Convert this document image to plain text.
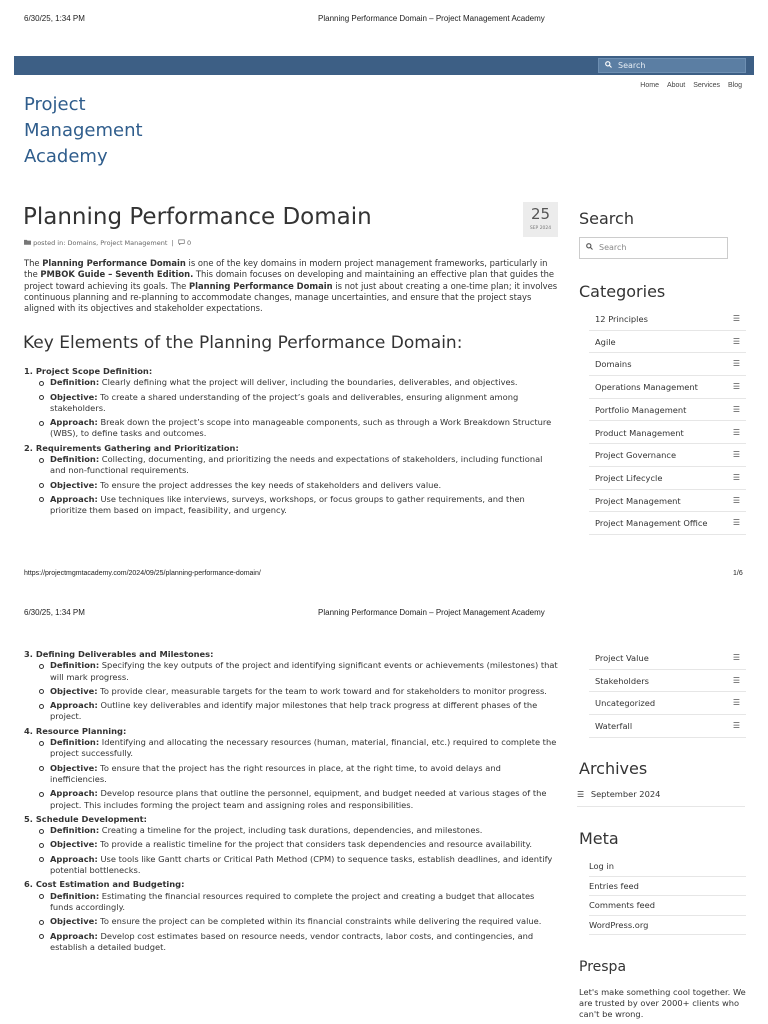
6/30/25, 1:34 PM	Planning Performance Domain – Project Management Academy
Search
Home About Services Blog
Project
Management
Academy
Planning Performance Domain	25
SEP 2024
posted in: Domains, Project Management | 0
The Planning Performance Domain is one of the key domains in modern project management frameworks, particularly in the PMBOK Guide – Seventh Edition. This domain focuses on developing and maintaining an effective plan that guides the project toward achieving its goals. The Planning Performance Domain is not just about creating a one-time plan; it involves continuous planning and re-planning to accommodate changes, manage uncertainties, and ensure that the project stays aligned with its objectives and stakeholder expectations.
Key Elements of the Planning Performance Domain:
1. Project Scope Definition:
Definition: Clearly defining what the project will deliver, including the boundaries, deliverables, and objectives.
Objective: To create a shared understanding of the project’s goals and deliverables, ensuring alignment among stakeholders.
Approach: Break down the project’s scope into manageable components, such as through a Work Breakdown Structure (WBS), to define tasks and outcomes.
2. Requirements Gathering and Prioritization:
Definition: Collecting, documenting, and prioritizing the needs and expectations of stakeholders, including functional and non-functional requirements.
Objective: To ensure the project addresses the key needs of stakeholders and delivers value.
Approach: Use techniques like interviews, surveys, workshops, or focus groups to gather requirements, and then prioritize them based on impact, feasibility, and urgency.
Search
Search
Categories
12 Principles	☰
Agile	☰
Domains	☰
Operations Management	☰
Portfolio Management	☰
Product Management	☰
Project Governance	☰
Project Lifecycle	☰
Project Management	☰
Project Management Office	☰
https://projectmgmtacademy.com/2024/09/25/planning-performance-domain/	1/6
6/30/25, 1:34 PM	Planning Performance Domain – Project Management Academy
3. Defining Deliverables and Milestones:
Definition: Specifying the key outputs of the project and identifying significant events or achievements (milestones) that will mark progress.
Objective: To provide clear, measurable targets for the team to work toward and for stakeholders to monitor progress.
Approach: Outline key deliverables and identify major milestones that help track progress at different phases of the project.
4. Resource Planning:
Definition: Identifying and allocating the necessary resources (human, material, financial, etc.) required to complete the project successfully.
Objective: To ensure that the project has the right resources in place, at the right time, to avoid delays and inefficiencies.
Approach: Develop resource plans that outline the personnel, equipment, and budget needed at various stages of the project. This includes forming the project team and assigning roles and responsibilities.
5. Schedule Development:
Definition: Creating a timeline for the project, including task durations, dependencies, and milestones.
Objective: To provide a realistic timeline for the project that considers task dependencies and resource availability.
Approach: Use tools like Gantt charts or Critical Path Method (CPM) to sequence tasks, establish deadlines, and identify potential bottlenecks.
6. Cost Estimation and Budgeting:
Definition: Estimating the financial resources required to complete the project and creating a budget that allocates funds accordingly.
Objective: To ensure the project can be completed within its financial constraints while delivering the required value.
Approach: Develop cost estimates based on resource needs, vendor contracts, labor costs, and contingencies, and establish a detailed budget.
Project Value	☰
Stakeholders	☰
Uncategorized	☰
Waterfall	☰
Archives
☰ September 2024
Meta
Log in
Entries feed
Comments feed
WordPress.org
Prespa
Let's make something cool together. We are trusted by over 2000+ clients who can't be wrong.
